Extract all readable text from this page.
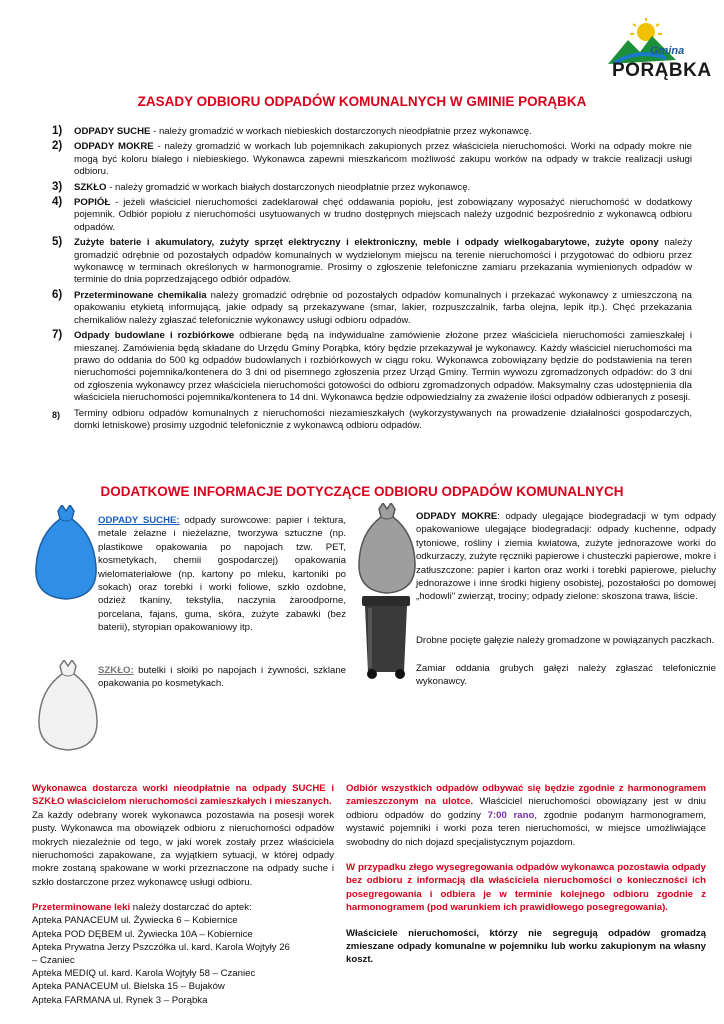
Gmina
PORĄBKA
ZASADY ODBIORU ODPADÓW KOMUNALNYCH W GMINIE PORĄBKA
1) ODPADY SUCHE - należy gromadzić w workach niebieskich dostarczonych nieodpłatnie przez wykonawcę.
2) ODPADY MOKRE - należy gromadzić w workach lub pojemnikach zakupionych przez właściciela nieruchomości. Worki na odpady mokre nie mogą być koloru białego i niebieskiego. Wykonawca zapewni mieszkańcom możliwość zakupu worków na odpady w trakcie realizacji usługi odbioru.
3) SZKŁO - należy gromadzić w workach białych dostarczonych nieodpłatnie przez wykonawcę.
4) POPIÓŁ - jeżeli właściciel nieruchomości zadeklarował chęć oddawania popiołu, jest zobowiązany wyposażyć nieruchomość w dodatkowy pojemnik. Odbiór popiołu z nieruchomości usytuowanych w trudno dostępnych miejscach należy uzgodnić bezpośrednio z wykonawcą odbioru odpadów.
5) Zużyte baterie i akumulatory, zużyty sprzęt elektryczny i elektroniczny, meble i odpady wielkogabarytowe, zużyte opony należy gromadzić odrębnie od pozostałych odpadów komunalnych w wydzielonym miejscu na terenie nieruchomości i przygotować do odbioru przez wykonawcę w terminach określonych w harmonogramie. Prosimy o zgłoszenie telefoniczne zamiaru przekazania wymienionych odpadów w terminie do dnia poprzedzającego odbiór odpadów.
6) Przeterminowane chemikalia należy gromadzić odrębnie od pozostałych odpadów komunalnych i przekazać wykonawcy z umieszczoną na opakowaniu etykietą informującą, jakie odpady są przekazywane (smar, lakier, rozpuszczalnik, farba olejna, lepik itp.). Chęć przekazania chemikaliów należy zgłaszać telefonicznie wykonawcy usługi odbioru odpadów.
7) Odpady budowlane i rozbiórkowe odbierane będą na indywidualne zamówienie złożone przez właściciela nieruchomości zamieszkałej i mieszanej. Zamówienia będą składane do Urzędu Gminy Porąbka, który będzie przekazywał je wykonawcy. Każdy właściciel nieruchomości ma prawo do oddania do 500 kg odpadów budowlanych i rozbiórkowych w ciągu roku. Wykonawca zobowiązany będzie do podstawienia na teren nieruchomości pojemnika/kontenera do 3 dni od pisemnego zgłoszenia przez Urząd Gminy. Termin wywozu zgromadzonych odpadów: do 3 dni od zgłoszenia wykonawcy przez właściciela nieruchomości gotowości do odbioru zgromadzonych odpadów. Maksymalny czas udostępnienia dla właściciela nieruchomości pojemnika/kontenera to 14 dni. Wykonawca będzie odpowiedzialny za zważenie ilości odpadów odbieranych z posesji.
8) Terminy odbioru odpadów komunalnych z nieruchomości niezamieszkałych (wykorzystywanych na prowadzenie działalności gospodarczych, domki letniskowe) prosimy uzgodnić telefonicznie z wykonawcą odbioru odpadów.
DODATKOWE INFORMACJE DOTYCZĄCE ODBIORU ODPADÓW KOMUNALNYCH
ODPADY SUCHE: odpady surowcowe: papier i tektura, metale żelazne i nieżelazne, tworzywa sztuczne (np. plastikowe opakowania po napojach tzw. PET, kosmetykach, chemii gospodarczej) opakowania wielomateriałowe (np. kartony po mleku, kartoniki po sokach) oraz torebki i worki foliowe, szkło ozdobne, odzież tkaniny, tekstylia, naczynia żaroodporne, porcelana, fajans, guma, skóra, zużyte zabawki (bez baterii), styropian opakowaniowy itp.
SZKŁO: butelki i słoiki po napojach i żywności, szklane opakowania po kosmetykach.
ODPADY MOKRE: odpady ulegające biodegradacji w tym odpady opakowaniowe ulegające biodegradacji: odpady kuchenne, odpady tytoniowe, rośliny i ziemia kwiatowa, zużyte jednorazowe worki do odkurzaczy, zużyte ręczniki papierowe i chusteczki papierowe, mokre i zatłuszczone: papier i karton oraz worki i torebki papierowe, pieluchy jednorazowe i inne środki higieny osobistej, pozostałości po domowej „hodowli" zwierząt, trociny; odpady zielone: skoszona trawa, liście.
Drobne pocięte gałęzie należy gromadzone w powiązanych paczkach.
Zamiar oddania grubych gałęzi należy zgłaszać telefonicznie wykonawcy.
Wykonawca dostarcza worki nieodpłatnie na odpady SUCHE i SZKŁO właścicielom nieruchomości zamieszkałych i mieszanych.
Za każdy odebrany worek wykonawca pozostawia na posesji worek pusty. Wykonawca ma obowiązek odbioru z nieruchomości odpadów mokrych niezależnie od tego, w jaki worek zostały przez właściciela nieruchomości zapakowane, za wyjątkiem sytuacji, w której odpady mokre zostaną spakowane w worki przeznaczone na odpady suche i szkło dostarczone przez wykonawcę usługi odbioru.
Przeterminowane leki należy dostarczać do aptek:
Apteka PANACEUM ul. Żywiecka 6 – Kobiernice
Apteka POD DĘBEM ul. Żywiecka 10A – Kobiernice
Apteka Prywatna Jerzy Pszczółka ul. kard. Karola Wojtyły 26
– Czaniec
Apteka MEDIQ ul. kard. Karola Wojtyły 58 – Czaniec
Apteka PANACEUM ul. Bielska 15 – Bujaków
Apteka FARMANA ul. Rynek 3 – Porąbka
Odbiór wszystkich odpadów odbywać się będzie zgodnie z harmonogramem zamieszczonym na ulotce. Właściciel nieruchomości obowiązany jest w dniu odbioru odpadów do godziny 7:00 rano, zgodnie podanym harmonogramem, wystawić pojemniki i worki poza teren nieruchomości, w miejsce umożliwiające swobodny do nich dojazd specjalistycznym pojazdom.
W przypadku złego wysegregowania odpadów wykonawca pozostawia odpady bez odbioru z informacją dla właściciela nieruchomości o konieczności ich posegregowania i odbiera je w terminie kolejnego odbioru zgodnie z harmonogramem (pod warunkiem ich prawidłowego posegregowania).
Właściciele nieruchomości, którzy nie segregują odpadów gromadzą zmieszane odpady komunalne w pojemniku lub worku zakupionym na własny koszt.
